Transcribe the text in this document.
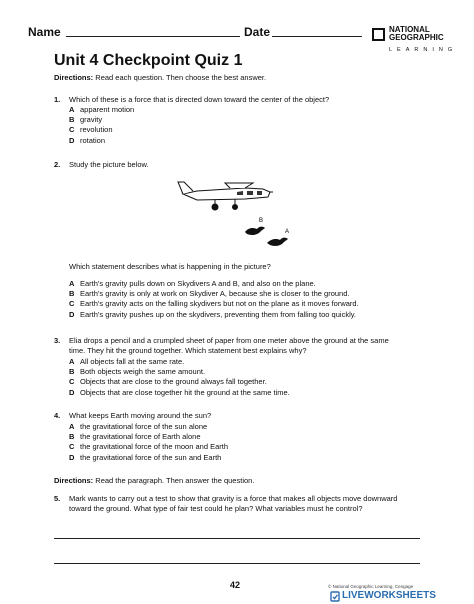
Name	Date	NATIONAL
GEOGRAPHIC
LEARNING
Unit 4 Checkpoint Quiz 1
Directions: Read each question. Then choose the best answer.
1. Which of these is a force that is directed down toward the center of the object?
A apparent motion
B gravity
C revolution
D rotation
2. Study the picture below.
B
A
Which statement describes what is happening in the picture?
A Earth's gravity pulls down on Skydivers A and B, and also on the plane.
B Earth's gravity is only at work on Skydiver A, because she is closer to the ground.
C Earth's gravity acts on the falling skydivers but not on the plane as it moves forward.
D Earth's gravity pushes up on the skydivers, preventing them from falling too quickly.
3. Elia drops a pencil and a crumpled sheet of paper from one meter above the ground at the same
time. They hit the ground together. Which statement best explains why?
A All objects fall at the same rate.
B Both objects weigh the same amount.
C Objects that are close to the ground always fall together.
D Objects that are close together hit the ground at the same time.
4. What keeps Earth moving around the sun?
A the gravitational force of the sun alone
B the gravitational force of Earth alone
C the gravitational force of the moon and Earth
D the gravitational force of the sun and Earth
Directions: Read the paragraph. Then answer the question.
5. Mark wants to carry out a test to show that gravity is a force that makes all objects move downward
toward the ground. What type of fair test could he plan? What variables must he control?
42	© National Geographic Learning, Cengage
LIVEWORKSHEETS
